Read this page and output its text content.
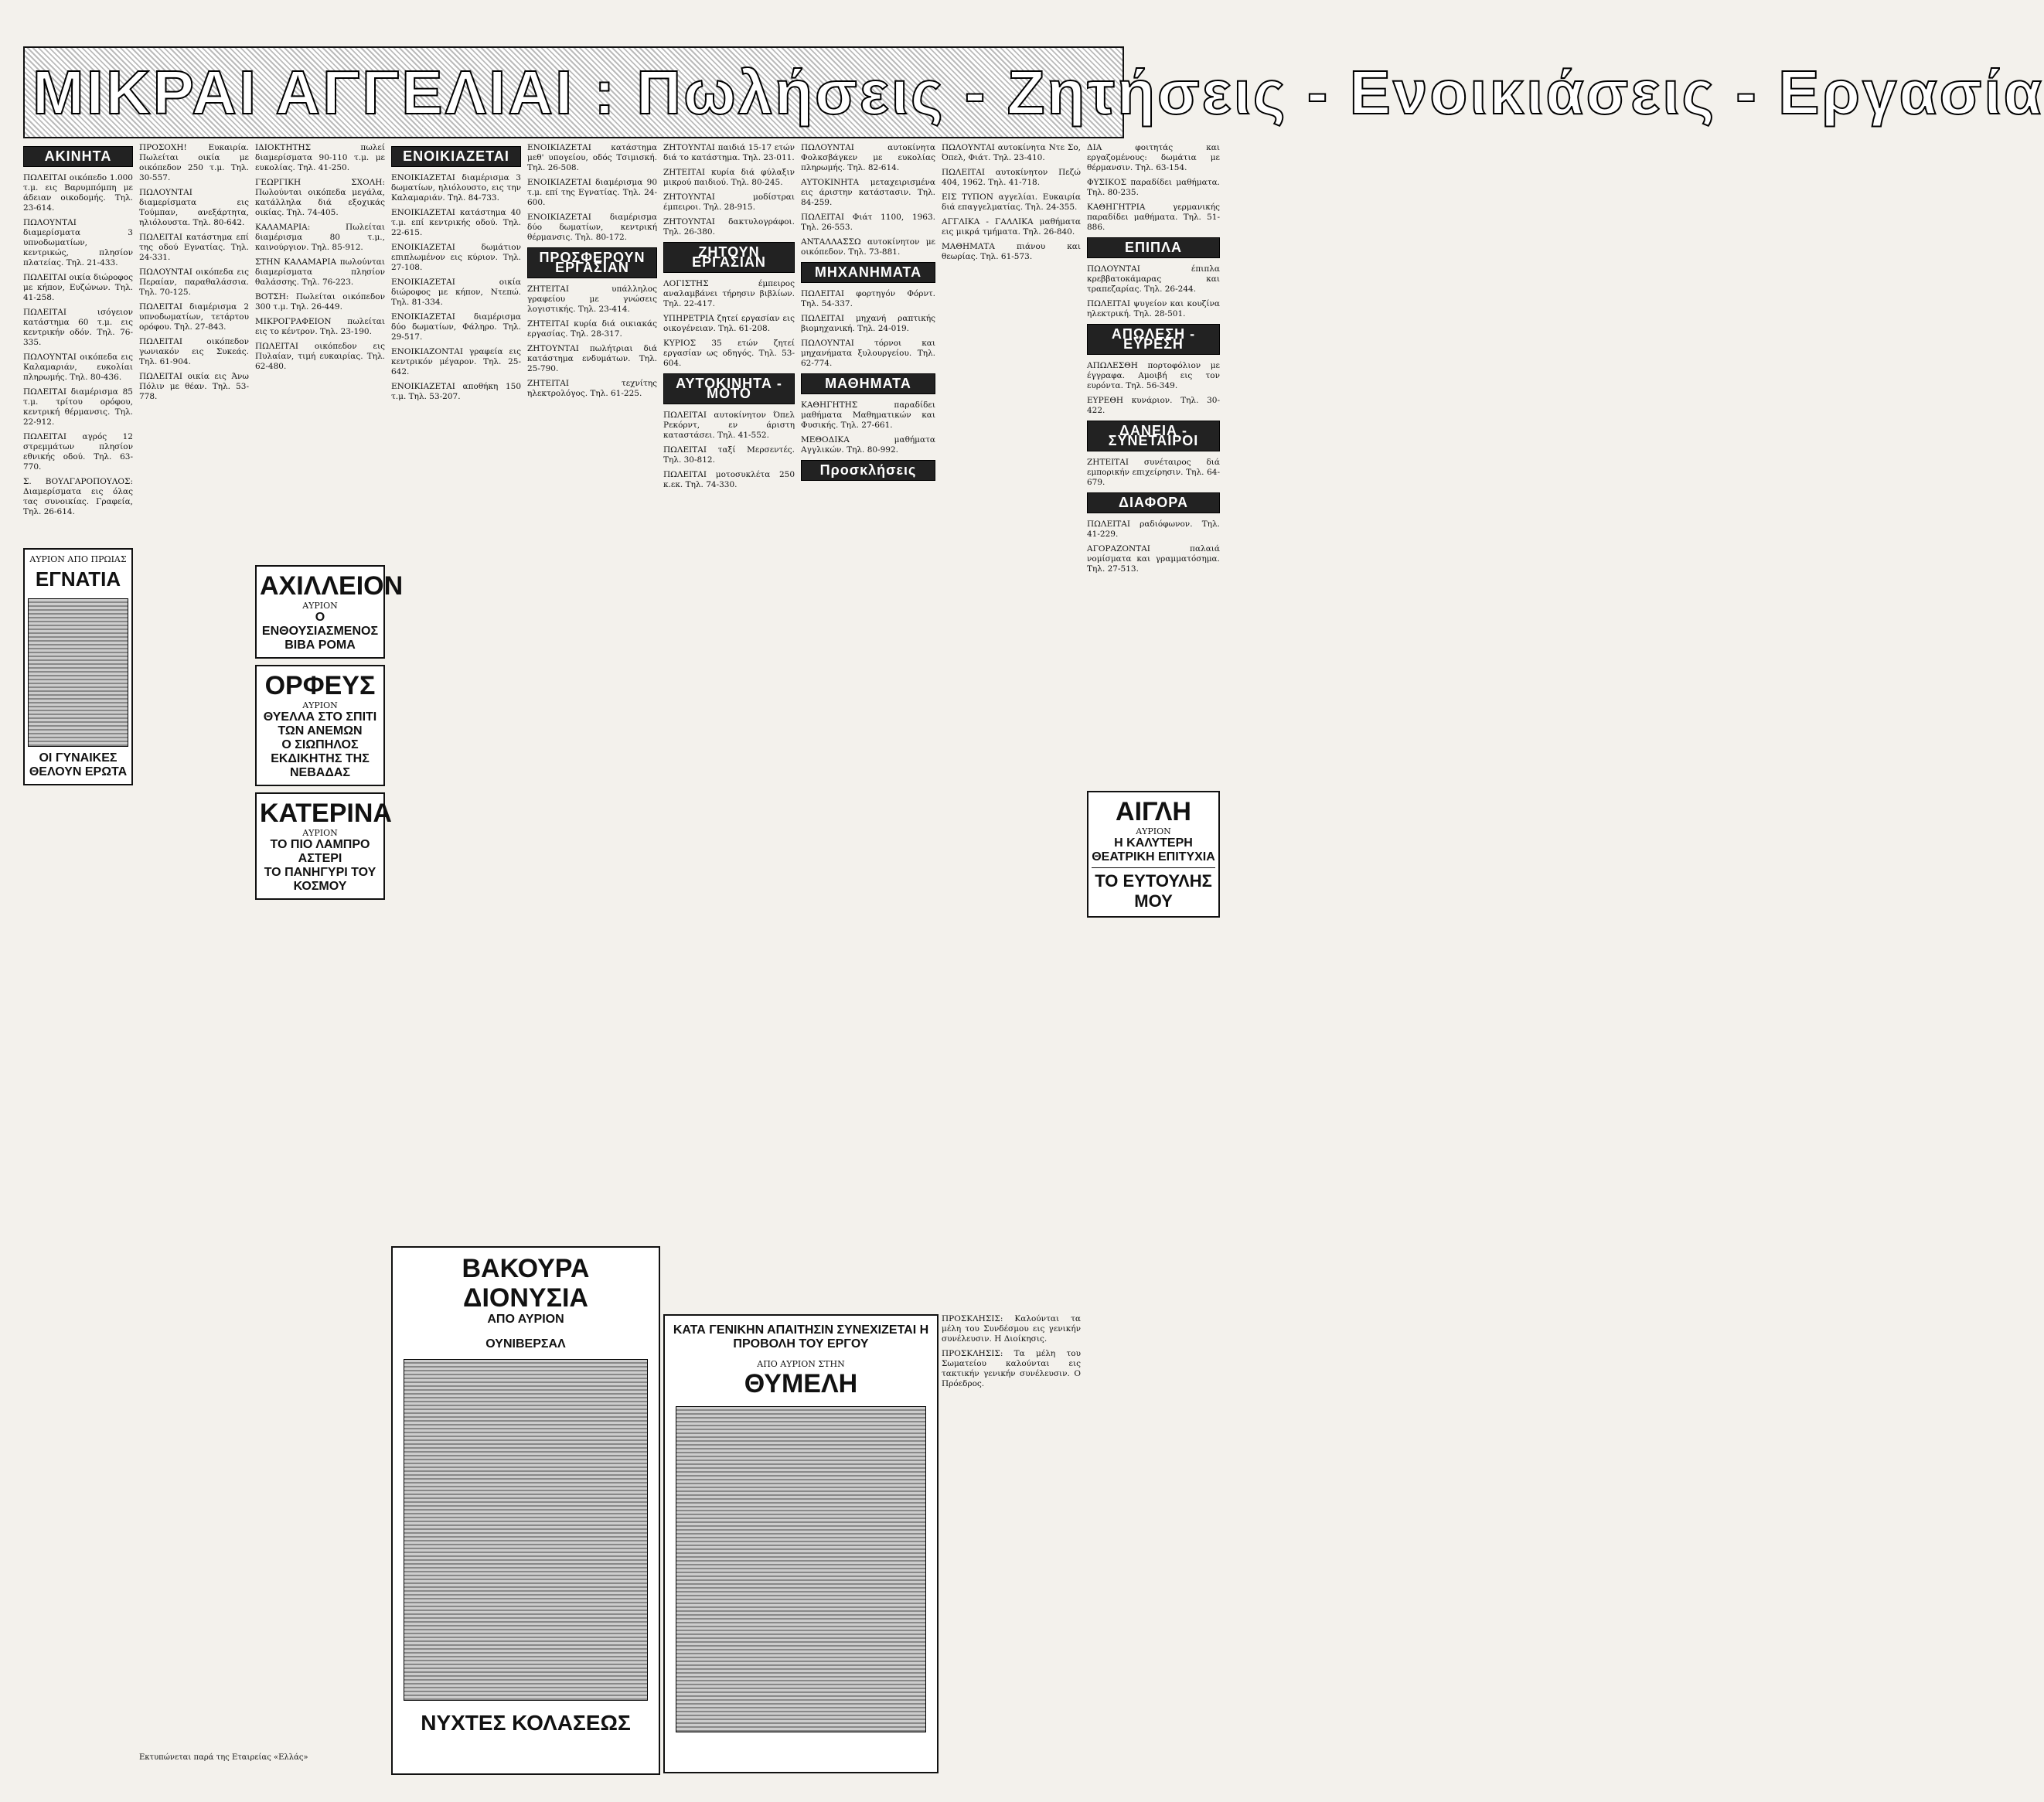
ΜΙΚΡΑΙ ΑΓΓΕΛΙΑΙ : Πωλήσεις - Ζητήσεις - Ενοικιάσεις - Εργασία
ΑΚΙΝΗΤΑ

ΠΩΛΕΙΤΑΙ οικόπεδο 1.000 τ.μ. εις Βαρυμπόμπη με άδειαν οικοδομής. Τηλ. 23-614.

ΠΩΛΟΥΝΤΑΙ διαμερίσματα 3 υπνοδωματίων, κεντρικώς, πλησίον πλατείας. Τηλ. 21-433.

ΠΩΛΕΙΤΑΙ οικία διώροφος με κήπον, Ευζώνων. Τηλ. 41-258.

ΠΩΛΕΙΤΑΙ ισόγειον κατάστημα 60 τ.μ. εις κεντρικήν οδόν. Τηλ. 76-335.

ΠΩΛΟΥΝΤΑΙ οικόπεδα εις Καλαμαριάν, ευκολίαι πληρωμής. Τηλ. 80-436.

ΠΩΛΕΙΤΑΙ διαμέρισμα 85 τ.μ. τρίτου ορόφου, κεντρική θέρμανσις. Τηλ. 22-912.

ΠΩΛΕΙΤΑΙ αγρός 12 στρεμμάτων πλησίον εθνικής οδού. Τηλ. 63-770.

Σ. ΒΟΥΛΓΑΡΟΠΟΥΛΟΣ: Διαμερίσματα εις όλας τας συνοικίας. Γραφεία, Τηλ. 26-614.

ΑΥΡΙΟΝ ΑΠΟ ΠΡΩΙΑΣ
ΕΓΝΑΤΙΑ
ΟΙ ΓΥΝΑΙΚΕΣ ΘΕΛΟΥΝ ΕΡΩΤΑ

ΠΡΟΣΟΧΗ! Ευκαιρία. Πωλείται οικία με οικόπεδον 250 τ.μ. Τηλ. 30-557.

ΠΩΛΟΥΝΤΑΙ διαμερίσματα εις Τούμπαν, ανεξάρτητα, ηλιόλουστα. Τηλ. 80-642.

ΠΩΛΕΙΤΑΙ κατάστημα επί της οδού Εγνατίας. Τηλ. 24-331.

ΠΩΛΟΥΝΤΑΙ οικόπεδα εις Περαίαν, παραθαλάσσια. Τηλ. 70-125.

ΠΩΛΕΙΤΑΙ διαμέρισμα 2 υπνοδωματίων, τετάρτου ορόφου. Τηλ. 27-843.

ΠΩΛΕΙΤΑΙ οικόπεδον γωνιακόν εις Συκεάς. Τηλ. 61-904.

ΠΩΛΕΙΤΑΙ οικία εις Άνω Πόλιν με θέαν. Τηλ. 53-778.

ΙΔΙΟΚΤΗΤΗΣ πωλεί διαμερίσματα 90-110 τ.μ. με ευκολίας. Τηλ. 41-250.

ΓΕΩΡΓΙΚΗ ΣΧΟΛΗ: Πωλούνται οικόπεδα μεγάλα, κατάλληλα διά εξοχικάς οικίας. Τηλ. 74-405.

ΚΑΛΑΜΑΡΙΑ: Πωλείται διαμέρισμα 80 τ.μ., καινούργιον. Τηλ. 85-912.

ΣΤΗΝ ΚΑΛΑΜΑΡΙΑ πωλούνται διαμερίσματα πλησίον θαλάσσης. Τηλ. 76-223.

ΒΟΤΣΗ: Πωλείται οικόπεδον 300 τ.μ. Τηλ. 26-449.

ΜΙΚΡΟΓΡΑΦΕΙΟΝ πωλείται εις το κέντρον. Τηλ. 23-190.

ΠΩΛΕΙΤΑΙ οικόπεδον εις Πυλαίαν, τιμή ευκαιρίας. Τηλ. 62-480.

ΑΧΙΛΛΕΙΟΝ
ΑΥΡΙΟΝ
Ο ΕΝΘΟΥΣΙΑΣΜΕΝΟΣ
ΒΙΒΑ ΡΟΜΑ
ΟΡΦΕΥΣ
ΑΥΡΙΟΝ
ΘΥΕΛΛΑ ΣΤΟ ΣΠΙΤΙ ΤΩΝ ΑΝΕΜΩΝ
Ο ΣΙΩΠΗΛΟΣ ΕΚΔΙΚΗΤΗΣ ΤΗΣ ΝΕΒΑΔΑΣ
ΚΑΤΕΡΙΝΑ
ΑΥΡΙΟΝ
ΤΟ ΠΙΟ ΛΑΜΠΡΟ ΑΣΤΕΡΙ
ΤΟ ΠΑΝΗΓΥΡΙ ΤΟΥ ΚΟΣΜΟΥ
ΕΝΟΙΚΙΑΖΕΤΑΙ

ΕΝΟΙΚΙΑΖΕΤΑΙ διαμέρισμα 3 δωματίων, ηλιόλουστο, εις την Καλαμαριάν. Τηλ. 84-733.

ΕΝΟΙΚΙΑΖΕΤΑΙ κατάστημα 40 τ.μ. επί κεντρικής οδού. Τηλ. 22-615.

ΕΝΟΙΚΙΑΖΕΤΑΙ δωμάτιον επιπλωμένον εις κύριον. Τηλ. 27-108.

ΕΝΟΙΚΙΑΖΕΤΑΙ οικία διώροφος με κήπον, Ντεπώ. Τηλ. 81-334.

ΕΝΟΙΚΙΑΖΕΤΑΙ διαμέρισμα δύο δωματίων, Φάληρο. Τηλ. 29-517.

ΕΝΟΙΚΙΑΖΟΝΤΑΙ γραφεία εις κεντρικόν μέγαρον. Τηλ. 25-642.

ΕΝΟΙΚΙΑΖΕΤΑΙ αποθήκη 150 τ.μ. Τηλ. 53-207.

ΕΝΟΙΚΙΑΖΕΤΑΙ κατάστημα μεθ' υπογείου, οδός Τσιμισκή. Τηλ. 26-508.

ΕΝΟΙΚΙΑΖΕΤΑΙ διαμέρισμα 90 τ.μ. επί της Εγνατίας. Τηλ. 24-600.

ΕΝΟΙΚΙΑΖΕΤΑΙ διαμέρισμα δύο δωματίων, κεντρική θέρμανσις. Τηλ. 80-172.

ΠΡΟΣΦΕΡΟΥΝ ΕΡΓΑΣΙΑΝ

ΖΗΤΕΙΤΑΙ υπάλληλος γραφείου με γνώσεις λογιστικής. Τηλ. 23-414.

ΖΗΤΕΙΤΑΙ κυρία διά οικιακάς εργασίας. Τηλ. 28-317.

ΖΗΤΟΥΝΤΑΙ πωλήτριαι διά κατάστημα ενδυμάτων. Τηλ. 25-790.

ΖΗΤΕΙΤΑΙ τεχνίτης ηλεκτρολόγος. Τηλ. 61-225.

ΒΑΚΟΥΡΑ
ΔΙΟΝΥΣΙΑ
ΑΠΟ ΑΥΡΙΟΝ
ΟΥΝΙΒΕΡΣΑΛ
ΝΥΧΤΕΣ ΚΟΛΑΣΕΩΣ

ΖΗΤΟΥΝΤΑΙ παιδιά 15-17 ετών διά το κατάστημα. Τηλ. 23-011.

ΖΗΤΕΙΤΑΙ κυρία διά φύλαξιν μικρού παιδιού. Τηλ. 80-245.

ΖΗΤΟΥΝΤΑΙ μοδίστραι έμπειροι. Τηλ. 28-915.

ΖΗΤΟΥΝΤΑΙ δακτυλογράφοι. Τηλ. 26-380.

ΖΗΤΟΥΝ ΕΡΓΑΣΙΑΝ

ΛΟΓΙΣΤΗΣ έμπειρος αναλαμβάνει τήρησιν βιβλίων. Τηλ. 22-417.

ΥΠΗΡΕΤΡΙΑ ζητεί εργασίαν εις οικογένειαν. Τηλ. 61-208.

ΚΥΡΙΟΣ 35 ετών ζητεί εργασίαν ως οδηγός. Τηλ. 53-604.

ΑΥΤΟΚΙΝΗΤΑ - ΜΟΤΟ

ΠΩΛΕΙΤΑΙ αυτοκίνητον Όπελ Ρεκόρντ, εν άριστη καταστάσει. Τηλ. 41-552.

ΠΩΛΕΙΤΑΙ ταξί Μερσεντές. Τηλ. 30-812.

ΠΩΛΕΙΤΑΙ μοτοσυκλέτα 250 κ.εκ. Τηλ. 74-330.

ΚΑΤΑ ΓΕΝΙΚΗΝ ΑΠΑΙΤΗΣΙΝ ΣΥΝΕΧΙΖΕΤΑΙ Η ΠΡΟΒΟΛΗ ΤΟΥ ΕΡΓΟΥ
ΑΠΟ ΑΥΡΙΟΝ ΣΤΗΝ
ΘΥΜΕΛΗ

ΠΩΛΟΥΝΤΑΙ αυτοκίνητα Φολκσβάγκεν με ευκολίας πληρωμής. Τηλ. 82-614.

ΑΥΤΟΚΙΝΗΤΑ μεταχειρισμένα εις άριστην κατάστασιν. Τηλ. 84-259.

ΠΩΛΕΙΤΑΙ Φιάτ 1100, 1963. Τηλ. 26-553.

ΑΝΤΑΛΛΑΣΣΩ αυτοκίνητον με οικόπεδον. Τηλ. 73-881.

ΜΗΧΑΝΗΜΑΤΑ

ΠΩΛΕΙΤΑΙ φορτηγόν Φόρντ. Τηλ. 54-337.

ΠΩΛΕΙΤΑΙ μηχανή ραπτικής βιομηχανική. Τηλ. 24-019.

ΠΩΛΟΥΝΤΑΙ τόρνοι και μηχανήματα ξυλουργείου. Τηλ. 62-774.

ΜΑΘΗΜΑΤΑ

ΚΑΘΗΓΗΤΗΣ παραδίδει μαθήματα Μαθηματικών και Φυσικής. Τηλ. 27-661.

ΜΕΘΟΔΙΚΑ μαθήματα Αγγλικών. Τηλ. 80-992.

Προσκλήσεις

ΠΡΟΣΚΛΗΣΙΣ: Καλούνται τα μέλη του Συνδέσμου εις γενικήν συνέλευσιν. Η Διοίκησις.

ΠΡΟΣΚΛΗΣΙΣ: Τα μέλη του Σωματείου καλούνται εις τακτικήν γενικήν συνέλευσιν. Ο Πρόεδρος.

ΠΩΛΟΥΝΤΑΙ αυτοκίνητα Ντε Σο, Όπελ, Φιάτ. Τηλ. 23-410.

ΠΩΛΕΙΤΑΙ αυτοκίνητον Πεζώ 404, 1962. Τηλ. 41-718.

ΕΙΣ ΤΥΠΟΝ αγγελίαι. Ευκαιρία διά επαγγελματίας. Τηλ. 24-355.

ΑΓΓΛΙΚΑ - ΓΑΛΛΙΚΑ μαθήματα εις μικρά τμήματα. Τηλ. 26-840.

ΜΑΘΗΜΑΤΑ πιάνου και θεωρίας. Τηλ. 61-573.

ΔΙΑ φοιτητάς και εργαζομένους: δωμάτια με θέρμανσιν. Τηλ. 63-154.

ΦΥΣΙΚΟΣ παραδίδει μαθήματα. Τηλ. 80-235.

ΚΑΘΗΓΗΤΡΙΑ γερμανικής παραδίδει μαθήματα. Τηλ. 51-886.

ΕΠΙΠΛΑ

ΠΩΛΟΥΝΤΑΙ έπιπλα κρεββατοκάμαρας και τραπεζαρίας. Τηλ. 26-244.

ΠΩΛΕΙΤΑΙ ψυγείον και κουζίνα ηλεκτρική. Τηλ. 28-501.

ΑΠΩΛΕΣΗ - ΕΥΡΕΣΗ

ΑΠΩΛΕΣΘΗ πορτοφόλιον με έγγραφα. Αμοιβή εις τον ευρόντα. Τηλ. 56-349.

ΕΥΡΕΘΗ κυνάριον. Τηλ. 30-422.

ΔΑΝΕΙΑ - ΣΥΝΕΤΑΙΡΟΙ

ΖΗΤΕΙΤΑΙ συνέταιρος διά εμπορικήν επιχείρησιν. Τηλ. 64-679.

ΔΙΑΦΟΡΑ

ΠΩΛΕΙΤΑΙ ραδιόφωνον. Τηλ. 41-229.

ΑΓΟΡΑΖΟΝΤΑΙ παλαιά νομίσματα και γραμματόσημα. Τηλ. 27-513.

ΑΙΓΛΗ
ΑΥΡΙΟΝ
Η ΚΑΛΥΤΕΡΗ ΘΕΑΤΡΙΚΗ ΕΠΙΤΥΧΙΑ
ΤΟ ΕΥΤΟΥΛΗΣ ΜΟΥ
Εκτυπώνεται παρά της Εταιρείας «Ελλάς»
